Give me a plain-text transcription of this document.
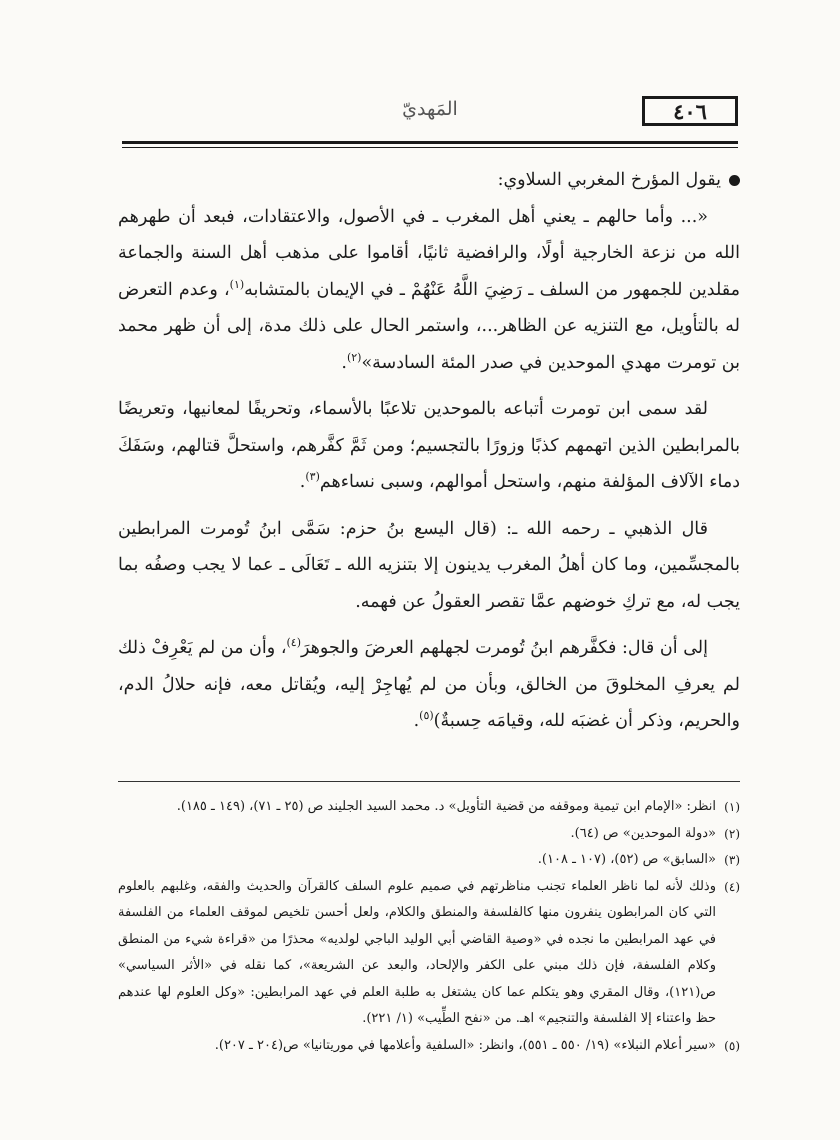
٤٠٦
المَهديّ

يقول المؤرخ المغربي السلاوي:

«... وأما حالهم ـ يعني أهل المغرب ـ في الأصول، والاعتقادات، فبعد أن طهرهم الله من نزعة الخارجية أولًا، والرافضية ثانيًا، أقاموا على مذهب أهل السنة والجماعة مقلدين للجمهور من السلف ـ رَضِيَ اللَّهُ عَنْهُمْ ـ في الإيمان بالمتشابه$^{(١)}$، وعدم التعرض له بالتأويل، مع التنزيه عن الظاهر...، واستمر الحال على ذلك مدة، إلى أن ظهر محمد بن تومرت مهدي الموحدين في صدر المئة السادسة»$^{(٢)}$.

لقد سمى ابن تومرت أتباعه بالموحدين تلاعبًا بالأسماء، وتحريفًا لمعانيها، وتعريضًا بالمرابطين الذين اتهمهم كذبًا وزورًا بالتجسيم؛ ومن ثَمَّ كفَّرهم، واستحلَّ قتالهم، وسَفَكَ دماء الآلاف المؤلفة منهم، واستحل أموالهم، وسبى نساءهم$^{(٣)}$.

قال الذهبي ـ رحمه الله ـ: (قال اليسع بنُ حزم: سَمَّى ابنُ تُومرت المرابطين بالمجسِّمين، وما كان أهلُ المغرب يدينون إلا بتنزيه الله ـ تَعَالَى ـ عما لا يجب وصفُه بما يجب له، مع تركِ خوضهم عمَّا تقصر العقولُ عن فهمه.

إلى أن قال: فكفَّرهم ابنُ تُومرت لجهلهم العرضَ والجوهرَ$^{(٤)}$، وأن من لم يَعْرِفْ ذلك لم يعرفِ المخلوقَ من الخالق، وبأن من لم يُهاجِرْ إليه، ويُقاتل معه، فإنه حلالُ الدم، والحريم، وذكر أن غضبَه لله، وقيامَه حِسبةٌ)$^{(٥)}$.

(١)
انظر: «الإمام ابن تيمية وموقفه من قضية التأويل» د. محمد السيد الجليند ص (٢٥ ـ ٧١)، (١٤٩ ـ ١٨٥).
(٢)
«دولة الموحدين» ص (٦٤).
(٣)
«السابق» ص (٥٢)، (١٠٧ ـ ١٠٨).
(٤)
وذلك لأنه لما ناظر العلماء تجنب مناظرتهم في صميم علوم السلف كالقرآن والحديث والفقه، وغلبهم بالعلوم التي كان المرابطون ينفرون منها كالفلسفة والمنطق والكلام، ولعل أحسن تلخيص لموقف العلماء من الفلسفة في عهد المرابطين ما نجده في «وصية القاضي أبي الوليد الباجي لولديه» محذرًا من «قراءة شيء من المنطق وكلام الفلسفة، فإن ذلك مبني على الكفر والإلحاد، والبعد عن الشريعة»، كما نقله في «الأثر السياسي» ص(١٢١)، وقال المقري وهو يتكلم عما كان يشتغل به طلبة العلم في عهد المرابطين: «وكل العلوم لها عندهم حظ واعتناء إلا الفلسفة والتنجيم» اهـ. من «نفح الطِّيب» (١/ ٢٢١).
(٥)
«سير أعلام النبلاء» (١٩/ ٥٥٠ ـ ٥٥١)، وانظر: «السلفية وأعلامها في موريتانيا» ص(٢٠٤ ـ ٢٠٧).
